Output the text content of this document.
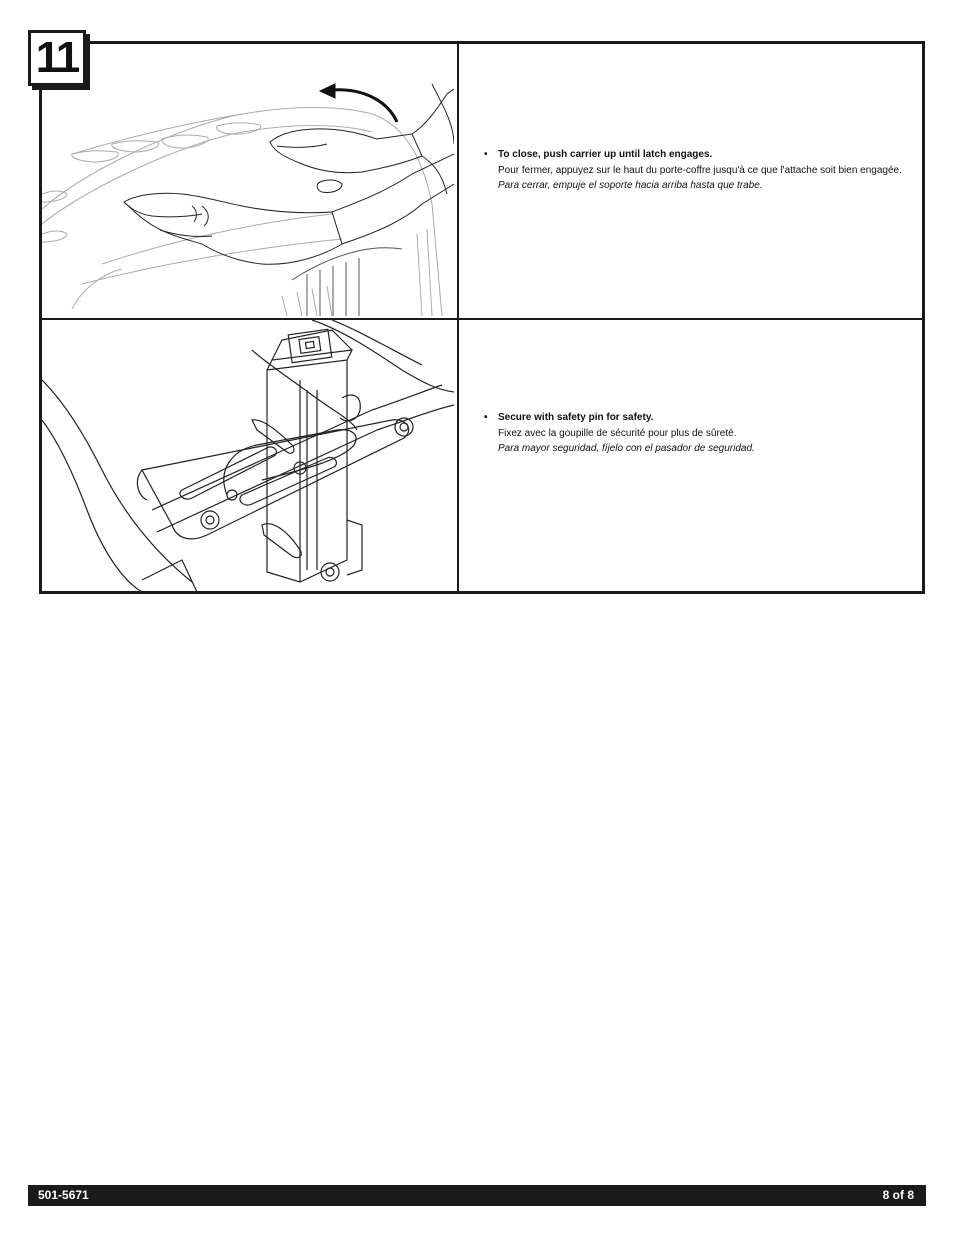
11
• To close, push carrier up until latch engages.
Pour fermer, appuyez sur le haut du porte-coffre jusqu'à ce que l'attache soit bien engagée.
Para cerrar, empuje el soporte hacia arriba hasta que trabe.
• Secure with safety pin for safety.
Fixez avec la goupille de sécurité pour plus de sûreté.
Para mayor seguridad, fíjelo con el pasador de seguridad.
501-5671	8 of 8
